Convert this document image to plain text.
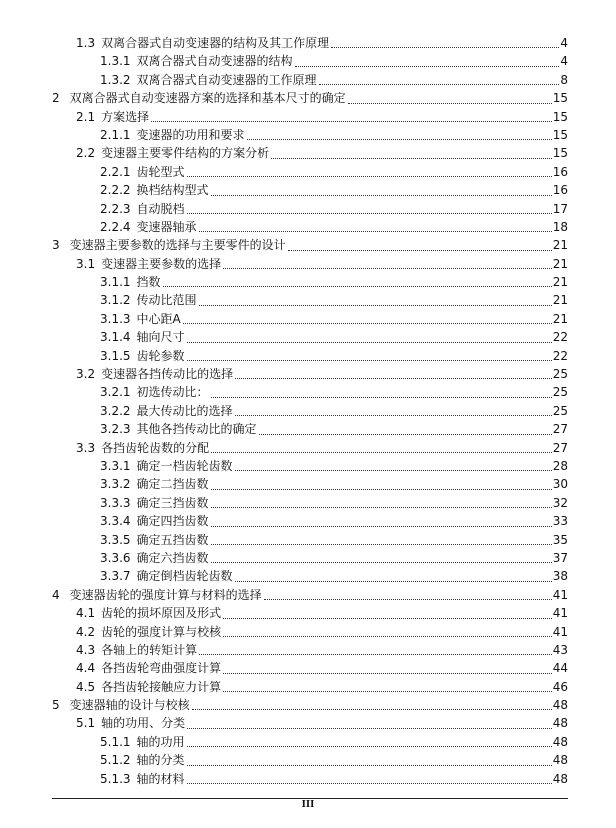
1.3 双离合器式自动变速器的结构及其工作原理	4
1.3.1 双离合器式自动变速器的结构	4
1.3.2 双离合器式自动变速器的工作原理	8
2 双离合器式自动变速器方案的选择和基本尺寸的确定	15
2.1 方案选择	15
2.1.1 变速器的功用和要求	15
2.2 变速器主要零件结构的方案分析	15
2.2.1 齿轮型式	16
2.2.2 换档结构型式	16
2.2.3 自动脱档	17
2.2.4 变速器轴承	18
3 变速器主要参数的选择与主要零件的设计	21
3.1 变速器主要参数的选择	21
3.1.1 挡数	21
3.1.2 传动比范围	21
3.1.3 中心距A	21
3.1.4 轴向尺寸	22
3.1.5 齿轮参数	22
3.2 变速器各挡传动比的选择	25
3.2.1 初选传动比：	25
3.2.2 最大传动比的选择	25
3.2.3 其他各挡传动比的确定	27
3.3 各挡齿轮齿数的分配	27
3.3.1 确定一档齿轮齿数	28
3.3.2 确定二挡齿数	30
3.3.3 确定三挡齿数	32
3.3.4 确定四挡齿数	33
3.3.5 确定五挡齿数	35
3.3.6 确定六挡齿数	37
3.3.7 确定倒档齿轮齿数	38
4 变速器齿轮的强度计算与材料的选择	41
4.1 齿轮的损坏原因及形式	41
4.2 齿轮的强度计算与校核	41
4.3 各轴上的转矩计算	43
4.4 各挡齿轮弯曲强度计算	44
4.5 各挡齿轮接触应力计算	46
5 变速器轴的设计与校核	48
5.1 轴的功用、分类	48
5.1.1 轴的功用	48
5.1.2 轴的分类	48
5.1.3 轴的材料	48
III
